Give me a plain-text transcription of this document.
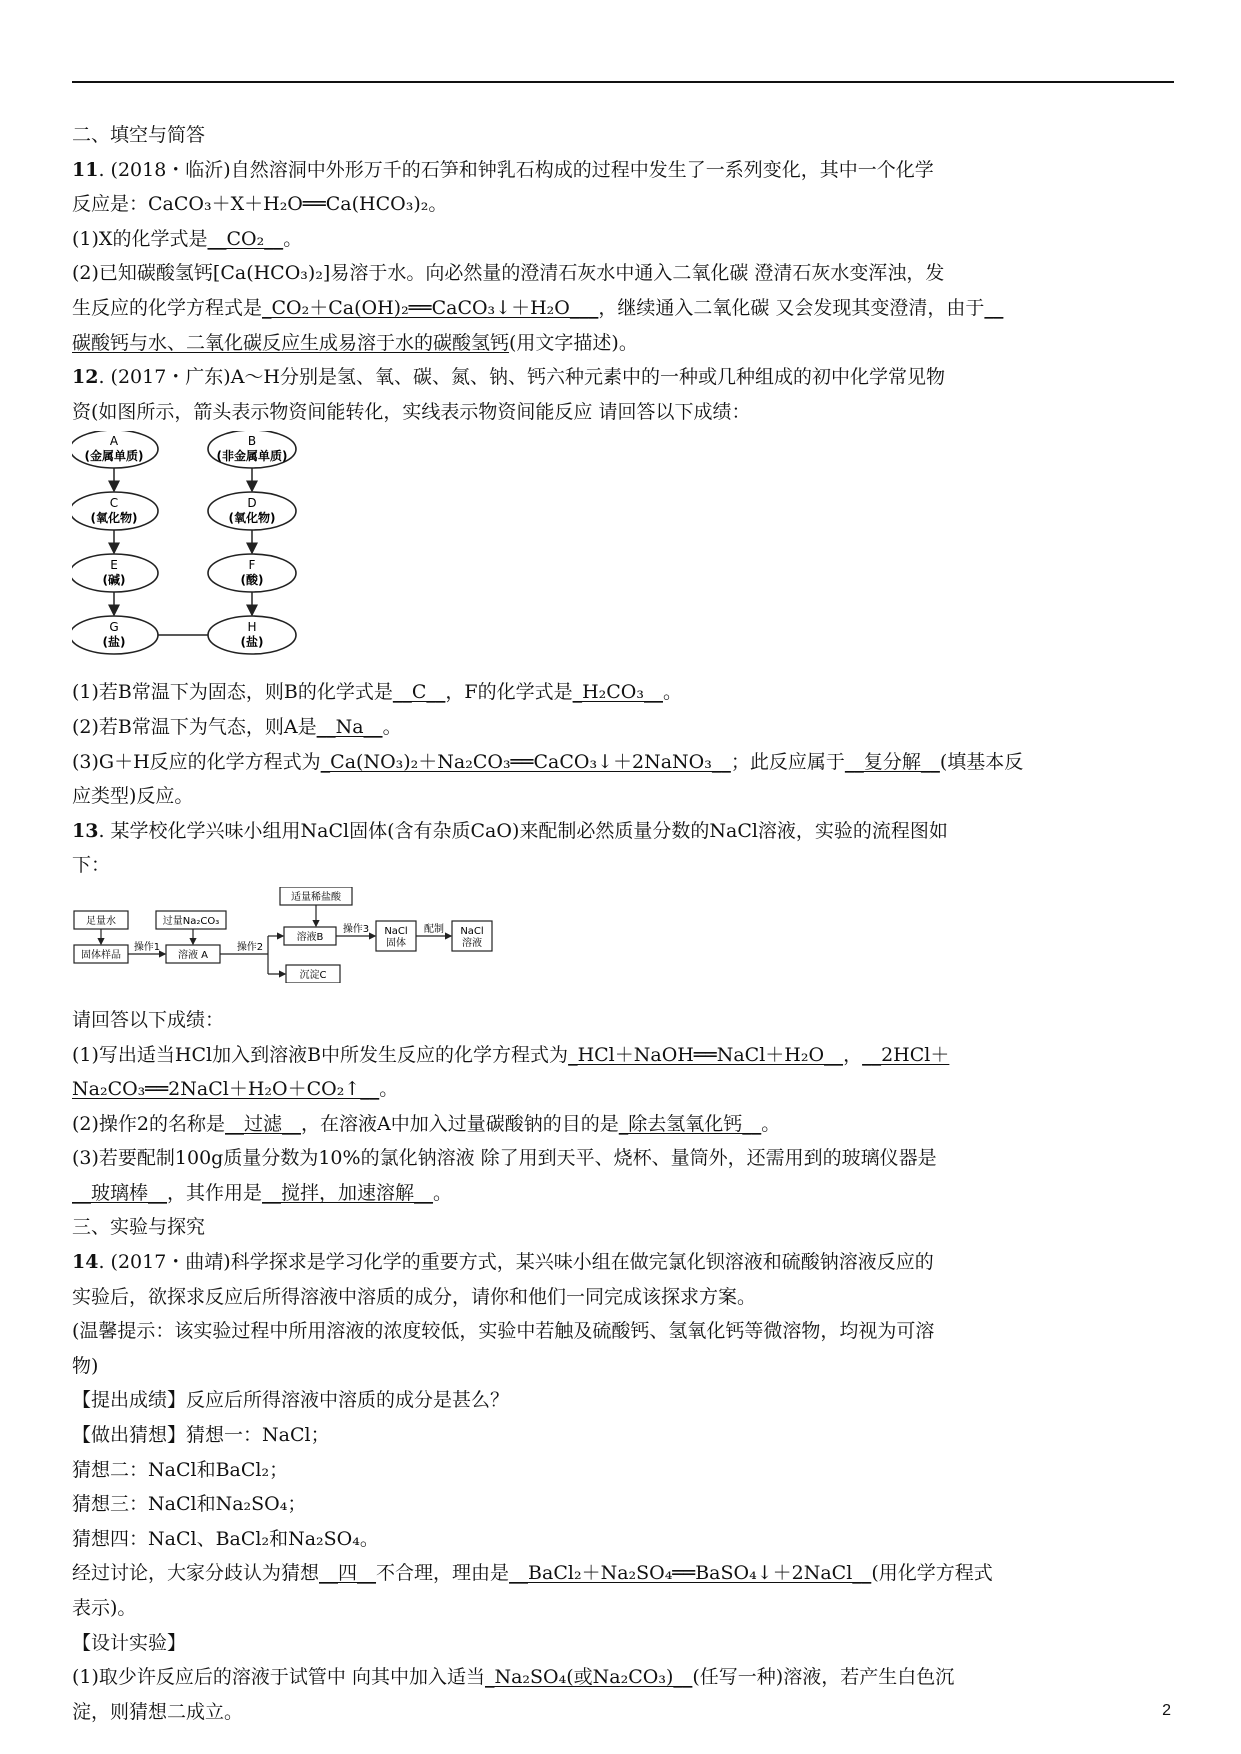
二、填空与简答
11. (2018・临沂)自然溶洞中外形万千的石笋和钟乳石构成的过程中发生了一系列变化，其中一个化学
反应是：CaCO₃＋X＋H₂O══Ca(HCO₃)₂。
(1)X的化学式是__CO₂__。
(2)已知碳酸氢钙[Ca(HCO₃)₂]易溶于水。向必然量的澄清石灰水中通入二氧化碳 澄清石灰水变浑浊，发
生反应的化学方程式是_CO₂＋Ca(OH)₂══CaCO₃↓＋H₂O___，继续通入二氧化碳 又会发现其变澄清，由于__
碳酸钙与水、二氧化碳反应生成易溶于水的碳酸氢钙(用文字描述)。
12. (2017・广东)A～H分别是氢、氧、碳、氮、钠、钙六种元素中的一种或几种组成的初中化学常见物
资(如图所示，箭头表示物资间能转化，实线表示物资间能反应 请回答以下成绩：
A
(金属单质)
B
(非金属单质)
C
(氧化物)
D
(氧化物)
E
(碱)
F
(酸)
G
(盐)
H
(盐)
(1)若B常温下为固态，则B的化学式是__C__，F的化学式是_H₂CO₃__。
(2)若B常温下为气态，则A是__Na__。
(3)G＋H反应的化学方程式为_Ca(NO₃)₂＋Na₂CO₃══CaCO₃↓＋2NaNO₃__；此反应属于__复分解__(填基本反
应类型)反应。
13. 某学校化学兴味小组用NaCl固体(含有杂质CaO)来配制必然质量分数的NaCl溶液，实验的流程图如
下：
操作1	操作2
操作3	配制
足量水
固体样品
过量Na₂CO₃
溶液 A
适量稀盐酸
溶液B
NaCl
固体
NaCl
溶液
沉淀C
请回答以下成绩：
(1)写出适当HCl加入到溶液B中所发生反应的化学方程式为_HCl＋NaOH══NaCl＋H₂O__，__2HCl＋
Na₂CO₃══2NaCl＋H₂O＋CO₂↑__。
(2)操作2的名称是__过滤__，在溶液A中加入过量碳酸钠的目的是_除去氢氧化钙__。
(3)若要配制100g质量分数为10%的氯化钠溶液 除了用到天平、烧杯、量筒外，还需用到的玻璃仪器是
__玻璃棒__，其作用是__搅拌，加速溶解__。
三、实验与探究
14. (2017・曲靖)科学探求是学习化学的重要方式，某兴味小组在做完氯化钡溶液和硫酸钠溶液反应的
实验后，欲探求反应后所得溶液中溶质的成分，请你和他们一同完成该探求方案。
(温馨提示：该实验过程中所用溶液的浓度较低，实验中若触及硫酸钙、氢氧化钙等微溶物，均视为可溶
物)
【提出成绩】反应后所得溶液中溶质的成分是甚么？
【做出猜想】猜想一：NaCl；
猜想二：NaCl和BaCl₂；
猜想三：NaCl和Na₂SO₄；
猜想四：NaCl、BaCl₂和Na₂SO₄。
经过讨论，大家分歧认为猜想__四__不合理，理由是__BaCl₂＋Na₂SO₄══BaSO₄↓＋2NaCl__(用化学方程式
表示)。
【设计实验】
(1)取少许反应后的溶液于试管中 向其中加入适当_Na₂SO₄(或Na₂CO₃)__(任写一种)溶液，若产生白色沉
淀，则猜想二成立。	2
